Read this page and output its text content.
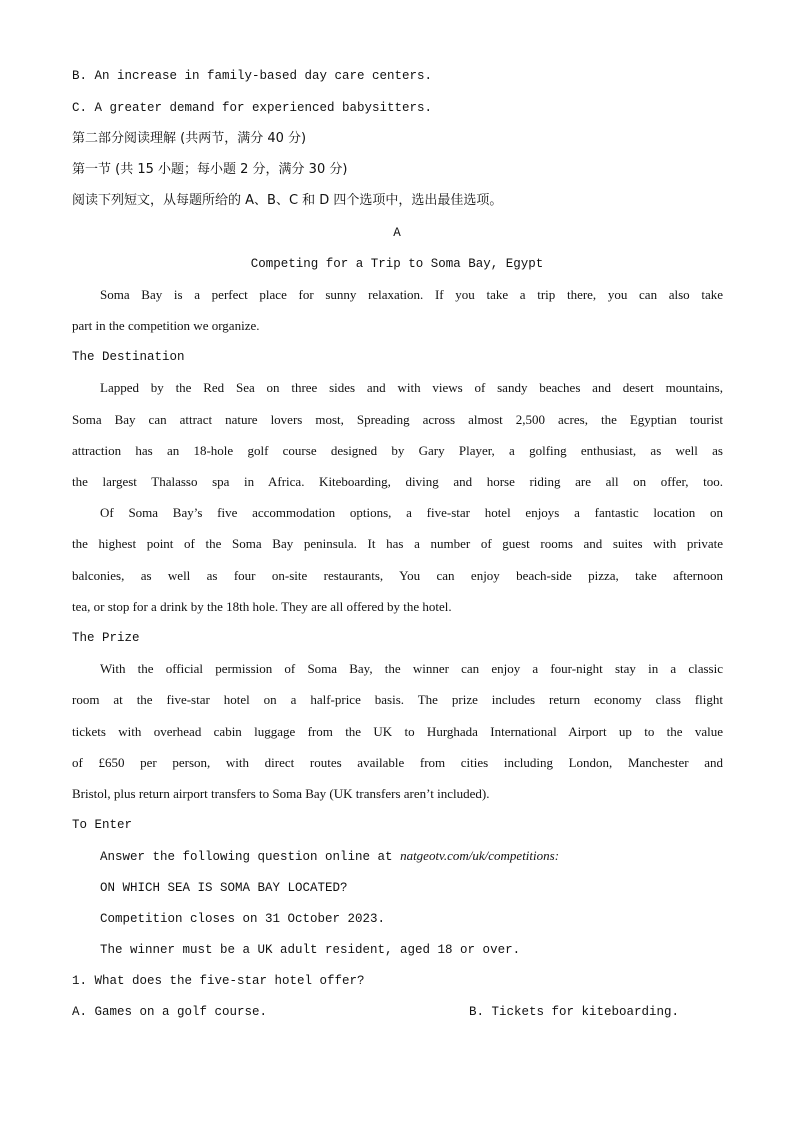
B. An increase in family-based day care centers.
C. A greater demand for experienced babysitters.
第二部分阅读理解 (共两节，满分 40 分)
第一节 (共 15 小题；每小题 2 分，满分 30 分)
阅读下列短文，从每题所给的 A、B、C 和 D 四个选项中，选出最佳选项。
A
Competing for a Trip to Soma Bay, Egypt
Soma Bay is a perfect place for sunny relaxation. If you take a trip there, you can also take
part in the competition we organize.
The Destination
Lapped by the Red Sea on three sides and with views of sandy beaches and desert mountains,
Soma Bay can attract nature lovers most, Spreading across almost 2,500 acres, the Egyptian tourist
attraction has an 18-hole golf course designed by Gary Player, a golfing enthusiast, as well as
the largest Thalasso spa in Africa. Kiteboarding, diving and horse riding are all on offer, too.
Of Soma Bay’s five accommodation options, a five-star hotel enjoys a fantastic location on
the highest point of the Soma Bay peninsula. It has a number of guest rooms and suites with private
balconies, as well as four on-site restaurants, You can enjoy beach-side pizza, take afternoon
tea, or stop for a drink by the 18th hole. They are all offered by the hotel.
The Prize
With the official permission of Soma Bay, the winner can enjoy a four-night stay in a classic
room at the five-star hotel on a half-price basis. The prize includes return economy class flight
tickets with overhead cabin luggage from the UK to Hurghada International Airport up to the value
of £650 per person, with direct routes available from cities including London, Manchester and
Bristol, plus return airport transfers to Soma Bay (UK transfers aren’t included).
To Enter
Answer the following question online at natgeotv.com/uk/competitions:
ON WHICH SEA IS SOMA BAY LOCATED?
Competition closes on 31 October 2023.
The winner must be a UK adult resident, aged 18 or over.
1. What does the five-star hotel offer?
A. Games on a golf course.	B. Tickets for kiteboarding.
